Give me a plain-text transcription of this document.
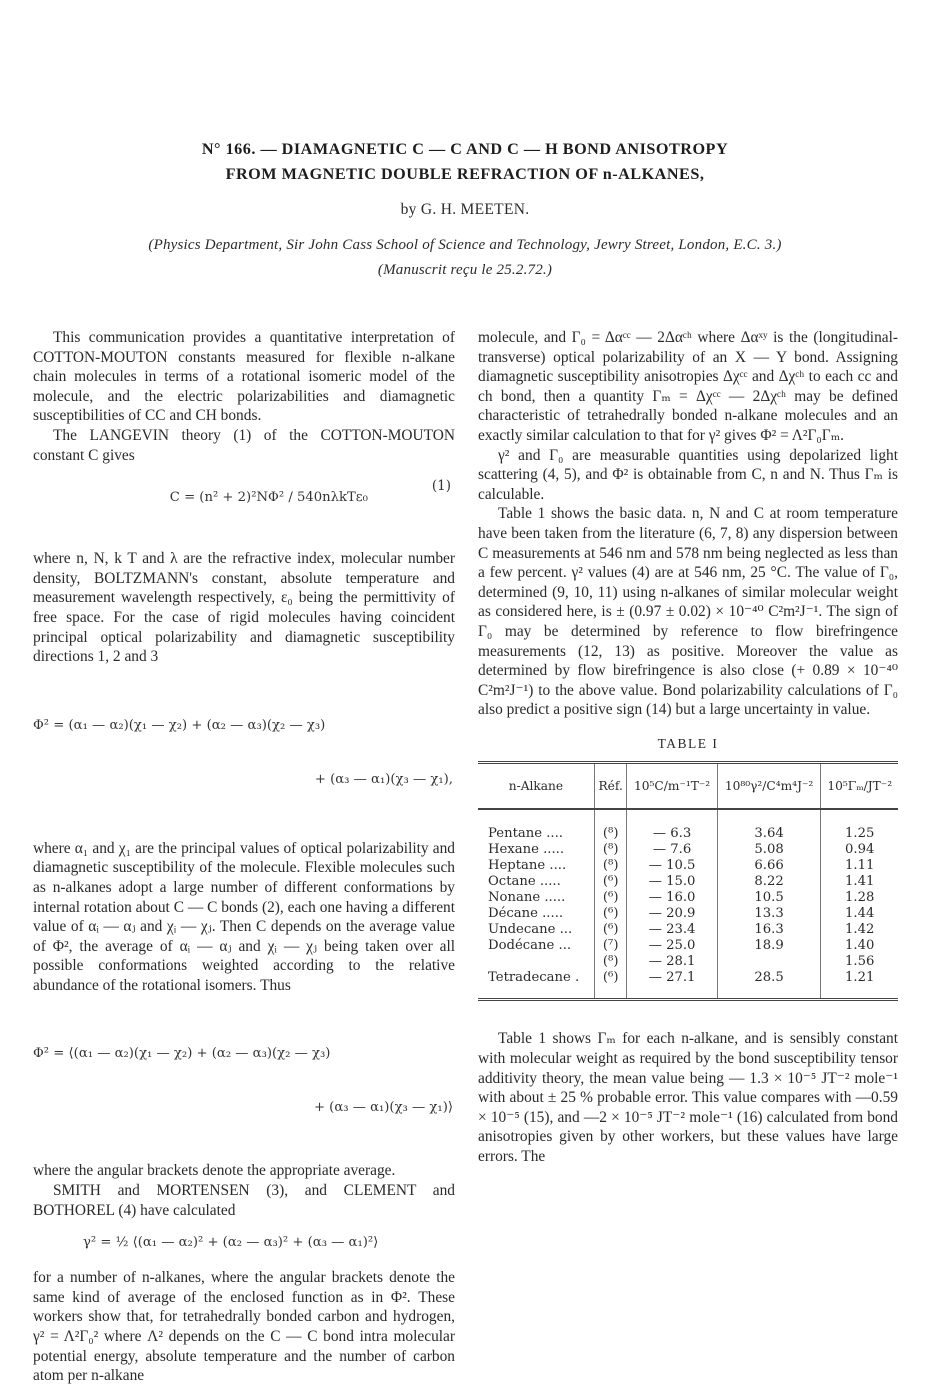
N° 166. — DIAMAGNETIC C — C AND C — H BOND ANISOTROPY
FROM MAGNETIC DOUBLE REFRACTION OF n-ALKANES,
by G. H. MEETEN.
(Physics Department, Sir John Cass School of Science and Technology, Jewry Street, London, E.C. 3.)
(Manuscrit reçu le 25.2.72.)

This communication provides a quantitative interpretation of COTTON-MOUTON constants measured for flexible n-alkane chain molecules in terms of a rotational isomeric model of the molecule, and the electric polarizabilities and diamagnetic susceptibilities of CC and CH bonds.

The LANGEVIN theory (1) of the COTTON-MOUTON constant C gives

C = (n² + 2)²NΦ² / 540nλkTε₀

(1)

where n, N, k T and λ are the refractive index, molecular number density, BOLTZMANN's constant, absolute temperature and measurement wavelength respectively, ε₀ being the permittivity of free space. For the case of rigid molecules having coincident principal optical polarizability and diamagnetic susceptibility directions 1, 2 and 3

Φ² = (α₁ — α₂)(χ₁ — χ₂) + (α₂ — α₃)(χ₂ — χ₃)

+ (α₃ — α₁)(χ₃ — χ₁),

where α₁ and χ₁ are the principal values of optical polarizability and diamagnetic susceptibility of the molecule. Flexible molecules such as n-alkanes adopt a large number of different conformations by internal rotation about C — C bonds (2), each one having a different value of αᵢ — αⱼ and χᵢ — χⱼ. Then C depends on the average value of Φ², the average of αᵢ — αⱼ and χᵢ — χⱼ being taken over all possible conformations weighted according to the relative abundance of the rotational isomers. Thus

Φ² = ⟨(α₁ — α₂)(χ₁ — χ₂) + (α₂ — α₃)(χ₂ — χ₃)

+ (α₃ — α₁)(χ₃ — χ₁)⟩

where the angular brackets denote the appropriate average.

SMITH and MORTENSEN (3), and CLEMENT and BOTHOREL (4) have calculated

γ² = ½ ⟨(α₁ — α₂)² + (α₂ — α₃)² + (α₃ — α₁)²⟩

for a number of n-alkanes, where the angular brackets denote the same kind of average of the enclosed function as in Φ². These workers show that, for tetrahedrally bonded carbon and hydrogen, γ² = Λ²Γ₀² where Λ² depends on the C — C bond intra molecular potential energy, absolute temperature and the number of carbon atom per n-alkane

molecule, and Γ₀ = Δαᶜᶜ — 2Δαᶜʰ where Δαˣʸ is the (longitudinal-transverse) optical polarizability of an X — Y bond. Assigning diamagnetic susceptibility anisotropies Δχᶜᶜ and Δχᶜʰ to each cc and ch bond, then a quantity Γₘ = Δχᶜᶜ — 2Δχᶜʰ may be defined characteristic of tetrahedrally bonded n-alkane molecules and an exactly similar calculation to that for γ² gives Φ² = Λ²Γ₀Γₘ.

γ² and Γ₀ are measurable quantities using depolarized light scattering (4, 5), and Φ² is obtainable from C, n and N. Thus Γₘ is calculable.

Table 1 shows the basic data. n, N and C at room temperature have been taken from the literature (6, 7, 8) any dispersion between C measurements at 546 nm and 578 nm being neglected as less than a few percent. γ² values (4) are at 546 nm, 25 °C. The value of Γ₀, determined (9, 10, 11) using n-alkanes of similar molecular weight as considered here, is ± (0.97 ± 0.02) × 10⁻⁴⁰ C²m²J⁻¹. The sign of Γ₀ may be determined by reference to flow birefringence measurements (12, 13) as positive. Moreover the value as determined by flow birefringence is also close (+ 0.89 × 10⁻⁴⁰ C²m²J⁻¹) to the above value. Bond polarizability calculations of Γ₀ also predict a positive sign (14) but a large uncertainty in value.

TABLE I

n-Alkane	Réf.	10⁵C/m⁻¹T⁻²	10⁸⁰γ²/C⁴m⁴J⁻²	10⁵Γₘ/JT⁻²
Pentane ....	(⁸)	— 6.3	3.64	1.25
Hexane .....	(⁸)	— 7.6	5.08	0.94
Heptane ....	(⁸)	— 10.5	6.66	1.11
Octane .....	(⁶)	— 15.0	8.22	1.41
Nonane .....	(⁶)	— 16.0	10.5	1.28
Décane .....	(⁶)	— 20.9	13.3	1.44
Undecane ...	(⁶)	— 23.4	16.3	1.42
Dodécane ...	(⁷)	— 25.0	18.9	1.40
	(⁸)	— 28.1		1.56
Tetradecane .	(⁶)	— 27.1	28.5	1.21

Table 1 shows Γₘ for each n-alkane, and is sensibly constant with molecular weight as required by the bond susceptibility tensor additivity theory, the mean value being — 1.3 × 10⁻⁵ JT⁻² mole⁻¹ with about ± 25 % probable error. This value compares with —0.59 × 10⁻⁵ (15), and —2 × 10⁻⁵ JT⁻² mole⁻¹ (16) calculated from bond anisotropies given by other workers, but these values have large errors. The
